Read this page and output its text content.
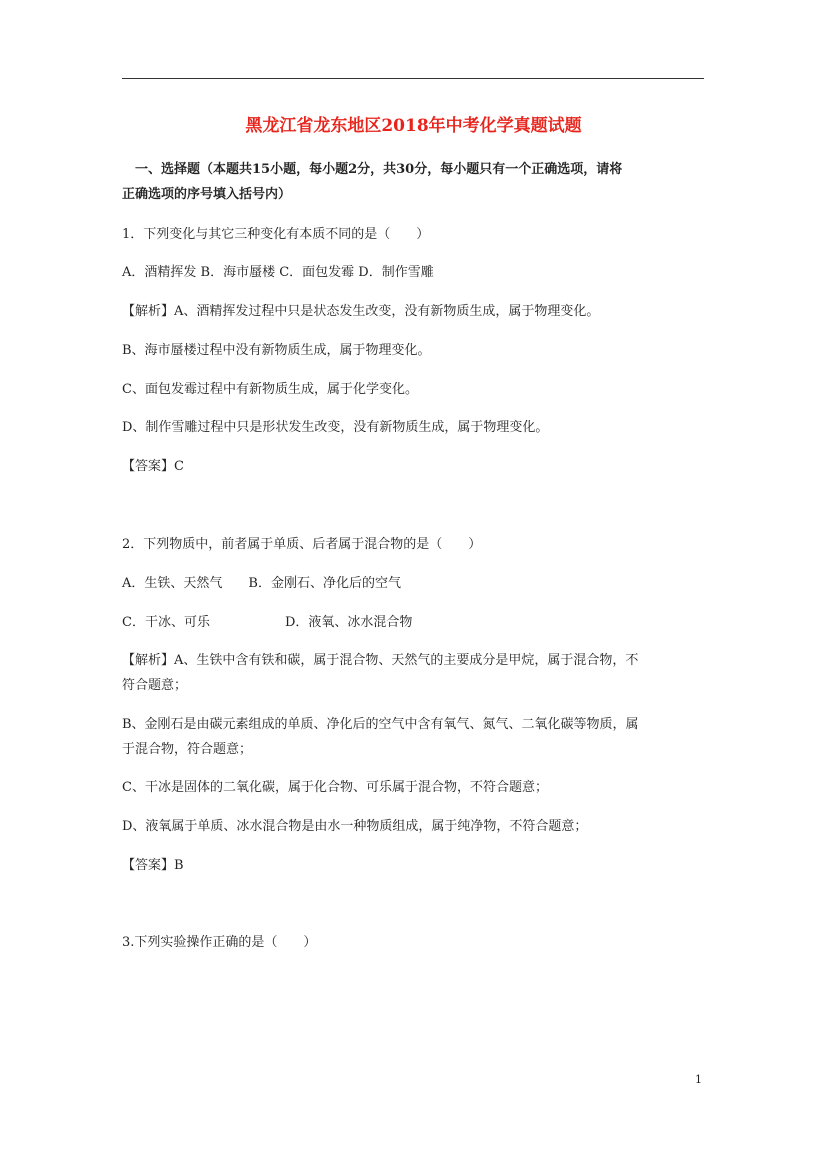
黑龙江省龙东地区2018年中考化学真题试题
一、选择题（本题共15小题，每小题2分，共30分，每小题只有一个正确选项，请将
正确选项的序号填入括号内）
1．下列变化与其它三种变化有本质不同的是（　　）
A．酒精挥发 B．海市蜃楼 C．面包发霉 D．制作雪雕
【解析】A、酒精挥发过程中只是状态发生改变，没有新物质生成，属于物理变化。
B、海市蜃楼过程中没有新物质生成，属于物理变化。
C、面包发霉过程中有新物质生成，属于化学变化。
D、制作雪雕过程中只是形状发生改变，没有新物质生成，属于物理变化。
【答案】C
2．下列物质中，前者属于单质、后者属于混合物的是（　　）
A．生铁、天然气　　B．金刚石、净化后的空气
C．干冰、可乐	D．液氧、冰水混合物
【解析】A、生铁中含有铁和碳，属于混合物、天然气的主要成分是甲烷，属于混合物，不
符合题意；
B、金刚石是由碳元素组成的单质、净化后的空气中含有氧气、氮气、二氧化碳等物质，属
于混合物，符合题意；
C、干冰是固体的二氧化碳，属于化合物、可乐属于混合物，不符合题意；
D、液氧属于单质、冰水混合物是由水一种物质组成，属于纯净物，不符合题意；
【答案】B
3.下列实验操作正确的是（　　）
1
